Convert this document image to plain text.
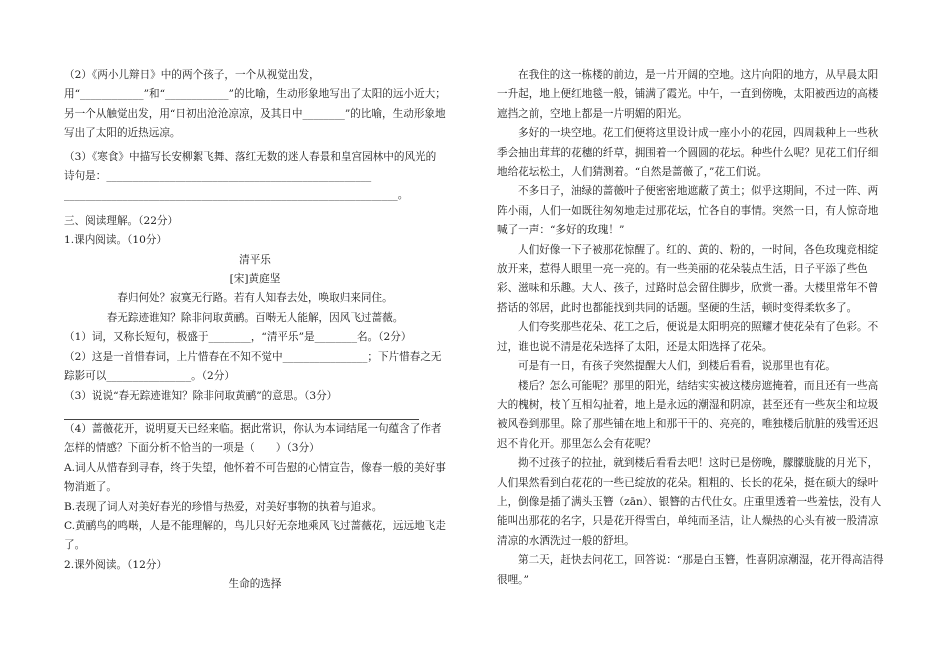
（2）《两小儿辩日》中的两个孩子，一个从视觉出发，用“____________”和“____________”的比喻，生动形象地写出了太阳的远小近大；另一个从触觉出发，用“日初出沧沧凉凉，及其日中________”的比喻，生动形象地写出了太阳的近热远凉。

（3）《寒食》中描写长安柳絮飞舞、落红无数的迷人春景和皇宫园林中的风光的诗句是：__________________________________________________

_______________________________________________________________。

三、阅读理解。（22分）

1.课内阅读。（10分）

清平乐

[宋]黄庭坚

春归何处？寂寞无行路。若有人知春去处，唤取归来同住。

春无踪迹谁知？除非问取黄鹂。百啭无人能解，因风飞过蔷薇。

（1）词，又称长短句，极盛于________，“清平乐”是________名。（2分）

（2）这是一首惜春词，上片惜春在不知不觉中________________；下片惜春之无踪影可以________________。（2分）

（3）说说“春无踪迹谁知？除非问取黄鹂”的意思。（3分）

（4）蔷薇花开，说明夏天已经来临。据此常识，你认为本词结尾一句蕴含了作者怎样的情感？下面分析不恰当的一项是（　　）（3分）

A.词人从惜春到寻春，终于失望，他怀着不可告慰的心情宣告，像春一般的美好事物消逝了。

B.表现了词人对美好春光的珍惜与热爱，对美好事物的执着与追求。

C.黄鹂鸟的鸣啭，人是不能理解的，鸟儿只好无奈地乘风飞过蔷薇花，远远地飞走了。

2.课外阅读。（12分）

生命的选择

在我住的这一栋楼的前边，是一片开阔的空地。这片向阳的地方，从早晨太阳一升起，地上便红地毯一般，铺满了霞光。中午，一直到傍晚，太阳被西边的高楼遮挡之前，空地上都是一片明媚的阳光。

多好的一块空地。花工们便将这里设计成一座小小的花园，四周栽种上一些秋季会抽出茸茸的花穗的纤草，拥围着一个圆圆的花坛。种些什么呢？见花工们仔细地给花坛松土，人们猜测着。“自然是蔷薇了，”花工们说。

不多日子，油绿的蔷薇叶子便密密地遮蔽了黄土；似乎这期间，不过一阵、两阵小雨，人们一如既往匆匆地走过那花坛，忙各自的事情。突然一日，有人惊奇地喊了一声：“多好的玫瑰！”

人们好像一下子被那花惊醒了。红的、黄的、粉的，一时间，各色玫瑰竞相绽放开来，惹得人眼里一亮一亮的。有一些美丽的花朵装点生活，日子平添了些色彩、滋味和乐趣。大人、孩子，过路时总会留住脚步，欣赏一番。大楼里常年不曾搭话的邻居，此时也都能找到共同的话题。坚硬的生活，顿时变得柔软多了。

人们夸奖那些花朵、花工之后，便说是太阳明亮的照耀才使花朵有了色彩。不过，谁也说不清是花朵选择了太阳，还是太阳选择了花朵。

可是有一日，有孩子突然提醒大人们，到楼后看看，说那里也有花。

楼后？怎么可能呢？那里的阳光，结结实实被这楼房遮掩着，而且还有一些高大的槐树，枝丫互相勾扯着，地上是永远的潮湿和阴凉，甚至还有一些灰尘和垃圾被风卷到那里。除了那些铺在地上和那干干的、亮亮的，唯独楼后肮脏的残雪还迟迟不肯化开。那里怎么会有花呢？

拗不过孩子的拉扯，就到楼后看看去吧！这时已是傍晚，朦朦胧胧的月光下，人们果然看到白花花的一些已绽放的花朵。粗粗的、长长的花朵，挺在硕大的绿叶上，倒像是插了满头玉簪（zān）、银簪的古代仕女。庄重里透着一些羞怯，没有人能叫出那花的名字，只是花开得雪白，单纯而圣洁，让人燥热的心头有被一股清凉清凉的水洒洗过一般的舒坦。

第二天，赶快去问花工，回答说：“那是白玉簪，性喜阴凉潮湿，花开得高洁得很哩。”
